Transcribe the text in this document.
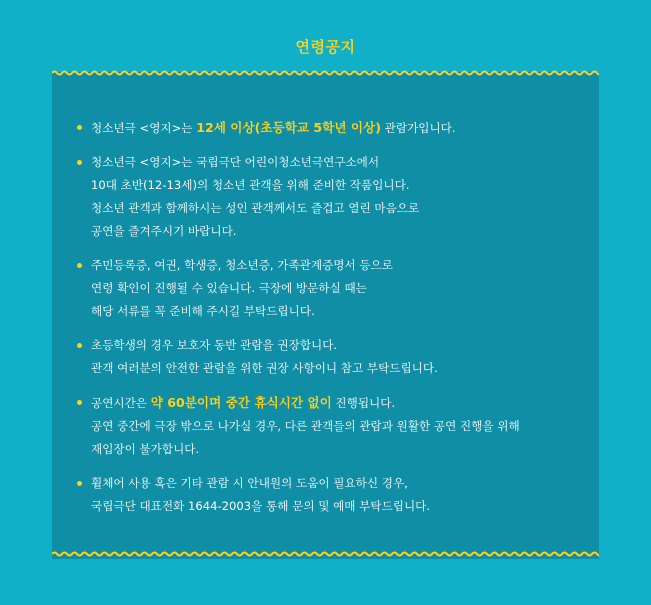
연령공지
청소년극 <영지>는 12세 이상(초등학교 5학년 이상) 관람가입니다.
청소년극 <영지>는 국립극단 어린이청소년극연구소에서
10대 초반(12-13세)의 청소년 관객을 위해 준비한 작품입니다.
청소년 관객과 함께하시는 성인 관객께서도 즐겁고 열린 마음으로
공연을 즐겨주시기 바랍니다.
주민등록증, 여권, 학생증, 청소년증, 가족관계증명서 등으로
연령 확인이 진행될 수 있습니다. 극장에 방문하실 때는
해당 서류를 꼭 준비해 주시길 부탁드립니다.
초등학생의 경우 보호자 동반 관람을 권장합니다.
관객 여러분의 안전한 관람을 위한 권장 사항이니 참고 부탁드립니다.
공연시간은 약 60분이며 중간 휴식시간 없이 진행됩니다.
공연 중간에 극장 밖으로 나가실 경우, 다른 관객들의 관람과 원활한 공연 진행을 위해
재입장이 불가합니다.
휠체어 사용 혹은 기타 관람 시 안내원의 도움이 필요하신 경우,
국립극단 대표전화 1644-2003을 통해 문의 및 예매 부탁드립니다.
